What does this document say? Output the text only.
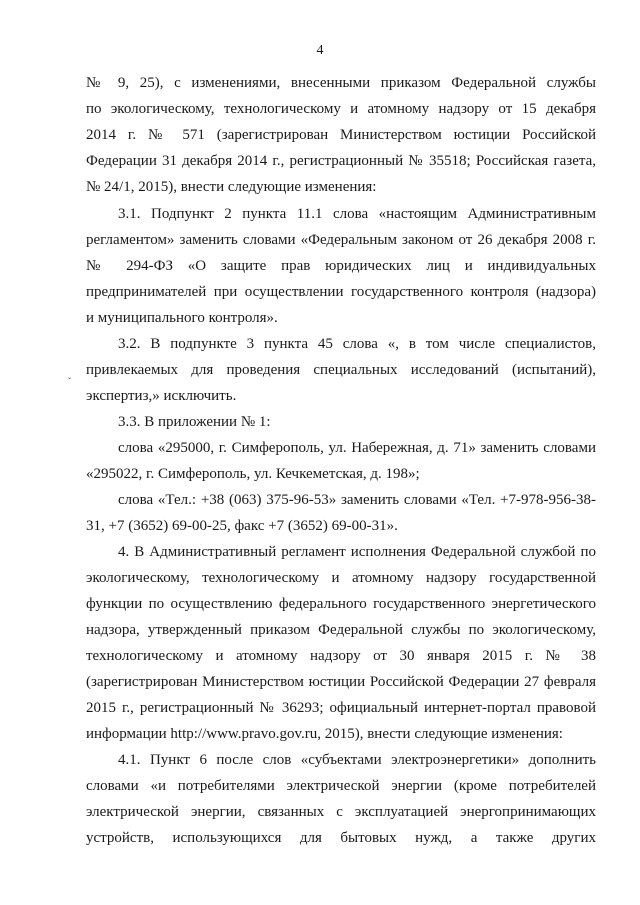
4
ˇ
№ 9, 25), с изменениями, внесенными приказом Федеральной службы
по экологическому, технологическому и атомному надзору от 15 декабря
2014 г. № 571 (зарегистрирован Министерством юстиции Российской
Федерации 31 декабря 2014 г., регистрационный № 35518; Российская газета,
№ 24/1, 2015), внести следующие изменения:
3.1. Подпункт 2 пункта 11.1 слова «настоящим Административным
регламентом» заменить словами «Федеральным законом от 26 декабря 2008 г.
№ 294-ФЗ «О защите прав юридических лиц и индивидуальных
предпринимателей при осуществлении государственного контроля (надзора)
и муниципального контроля».
3.2. В подпункте 3 пункта 45 слова «, в том числе специалистов,
привлекаемых для проведения специальных исследований (испытаний),
экспертиз,» исключить.
3.3. В приложении № 1:
слова «295000, г. Симферополь, ул. Набережная, д. 71» заменить словами
«295022, г. Симферополь, ул. Кечкеметская, д. 198»;
слова «Тел.: +38 (063) 375-96-53» заменить словами «Тел. +7-978-956-38-
31, +7 (3652) 69-00-25, факс +7 (3652) 69-00-31».
4. В Административный регламент исполнения Федеральной службой по
экологическому, технологическому и атомному надзору государственной
функции по осуществлению федерального государственного энергетического
надзора, утвержденный приказом Федеральной службы по экологическому,
технологическому и атомному надзору от 30 января 2015 г. № 38
(зарегистрирован Министерством юстиции Российской Федерации 27 февраля
2015 г., регистрационный № 36293; официальный интернет-портал правовой
информации http://www.pravo.gov.ru, 2015), внести следующие изменения:
4.1. Пункт 6 после слов «субъектами электроэнергетики» дополнить
словами «и потребителями электрической энергии (кроме потребителей
электрической энергии, связанных с эксплуатацией энергопринимающих
устройств, использующихся для бытовых нужд, а также других
